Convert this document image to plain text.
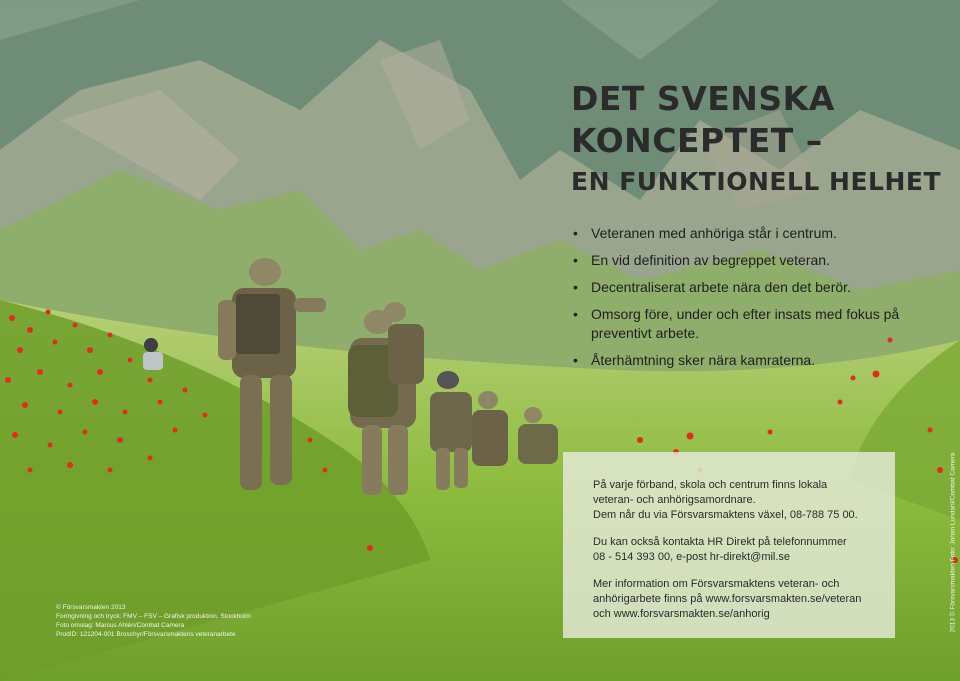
DET SVENSKA
KONCEPTET –
EN FUNKTIONELL HELHET
• Veteranen med anhöriga står i centrum.
• En vid definition av begreppet veteran.
• Decentraliserat arbete nära den det berör.
• Omsorg före, under och efter insats med fokus på preventivt arbete.
• Återhämtning sker nära kamraterna.

På varje förband, skola och centrum finns lokala
veteran- och anhörigsamordnare.
Dem når du via Försvarsmaktens växel, 08-788 75 00.

Du kan också kontakta HR Direkt på telefonnummer
08 - 514 393 00, e-post hr-direkt@mil.se

Mer information om Försvarsmaktens veteran- och
anhörigarbete finns på www.forsvarsmakten.se/veteran
och www.forsvarsmakten.se/anhorig

© Försvarsmakten 2013
Formgivning och tryck: FMV – FSV – Grafisk produktion, Stockholm
Foto omslag: Marcus Ahlén/Combat Camera
ProdID: 121204-001 Broschyr/Försvarsmaktens veteranarbete
2013 © Försvarsmakten Foto: Johan Lundahl/Combat Camera
